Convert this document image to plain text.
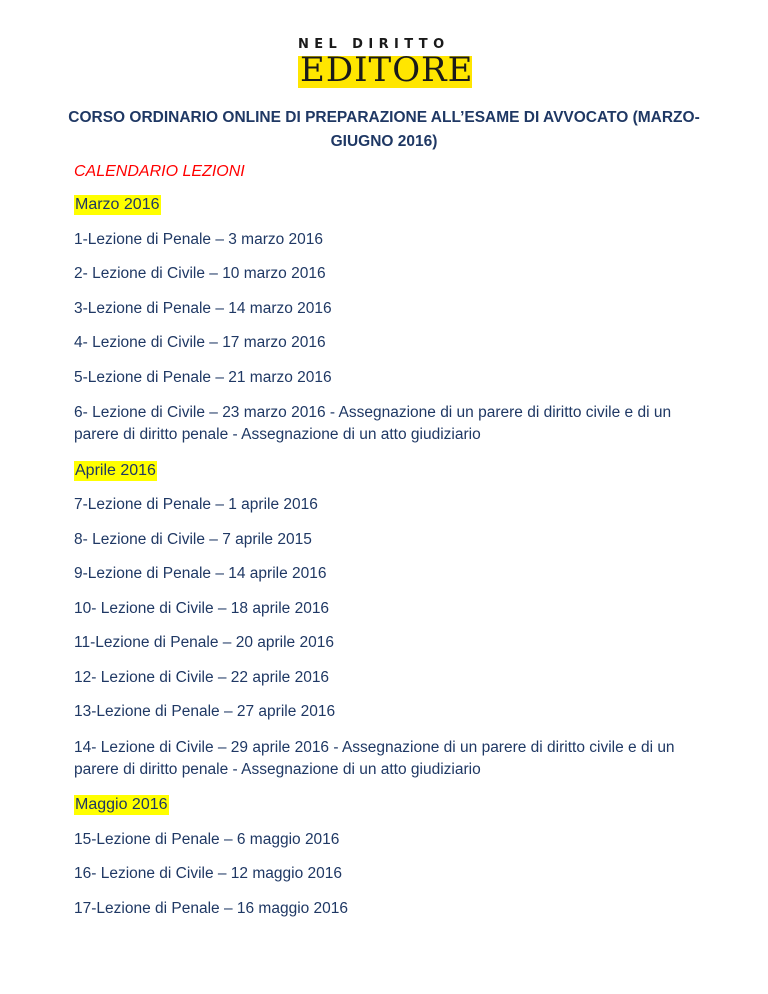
NEL DIRITTO
EDITORE
CORSO ORDINARIO ONLINE DI PREPARAZIONE ALL’ESAME DI AVVOCATO (MARZO-GIUGNO 2016)
CALENDARIO LEZIONI
Marzo 2016
1-Lezione di Penale – 3 marzo 2016
2- Lezione di Civile – 10 marzo 2016
3-Lezione di Penale – 14 marzo 2016
4- Lezione di Civile – 17 marzo 2016
5-Lezione di Penale – 21 marzo 2016
6- Lezione di Civile – 23 marzo 2016 - Assegnazione di un parere di diritto civile e di un parere di diritto penale - Assegnazione di un atto giudiziario
Aprile 2016
7-Lezione di Penale – 1 aprile 2016
8- Lezione di Civile – 7 aprile 2015
9-Lezione di Penale – 14 aprile 2016
10- Lezione di Civile – 18 aprile 2016
11-Lezione di Penale – 20 aprile 2016
12- Lezione di Civile – 22 aprile 2016
13-Lezione di Penale – 27 aprile 2016
14- Lezione di Civile – 29 aprile 2016 - Assegnazione di un parere di diritto civile e di un parere di diritto penale - Assegnazione di un atto giudiziario
Maggio 2016
15-Lezione di Penale – 6 maggio 2016
16- Lezione di Civile – 12 maggio 2016
17-Lezione di Penale – 16 maggio 2016
